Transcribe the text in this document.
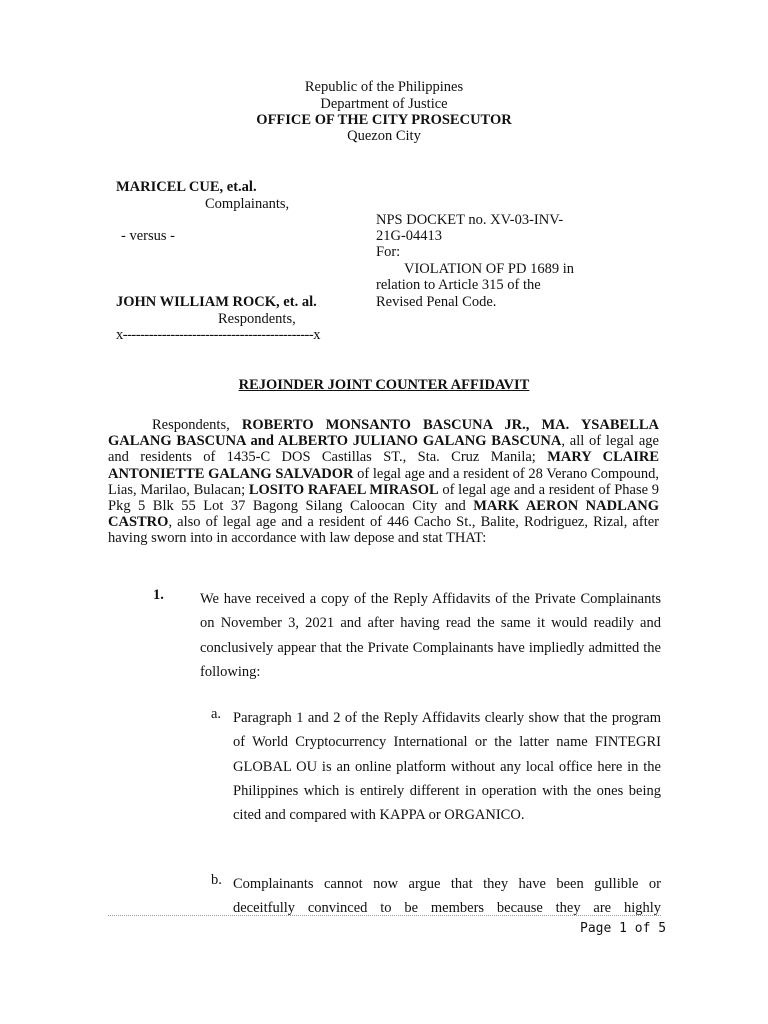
Republic of the Philippines
Department of Justice
OFFICE OF THE CITY PROSECUTOR
Quezon City
MARICEL CUE, et.al.
Complainants,
- versus -
JOHN WILLIAM ROCK, et. al.
Respondents,
x--------------------------------------------x
NPS DOCKET no. XV-03-INV-
21G-04413
For:
VIOLATION OF PD 1689 in
relation to Article 315 of the
Revised Penal Code.
REJOINDER JOINT COUNTER AFFIDAVIT
Respondents, ROBERTO MONSANTO BASCUNA JR., MA. YSABELLA GALANG BASCUNA and ALBERTO JULIANO GALANG BASCUNA, all of legal age and residents of 1435-C DOS Castillas ST., Sta. Cruz Manila; MARY CLAIRE ANTONIETTE GALANG SALVADOR of legal age and a resident of 28 Verano Compound, Lias, Marilao, Bulacan; LOSITO RAFAEL MIRASOL of legal age and a resident of Phase 9 Pkg 5 Blk 55 Lot 37 Bagong Silang Caloocan City and MARK AERON NADLANG CASTRO, also of legal age and a resident of 446 Cacho St., Balite, Rodriguez, Rizal, after having sworn into in accordance with law depose and stat THAT:
1. We have received a copy of the Reply Affidavits of the Private Complainants on November 3, 2021 and after having read the same it would readily and conclusively appear that the Private Complainants have impliedly admitted the following:
a. Paragraph 1 and 2 of the Reply Affidavits clearly show that the program of World Cryptocurrency International or the latter name FINTEGRI GLOBAL OU is an online platform without any local office here in the Philippines which is entirely different in operation with the ones being cited and compared with KAPPA or ORGANICO.
b. Complainants cannot now argue that they have been gullible or deceitfully convinced to be members because they are highly
Page 1 of 5
